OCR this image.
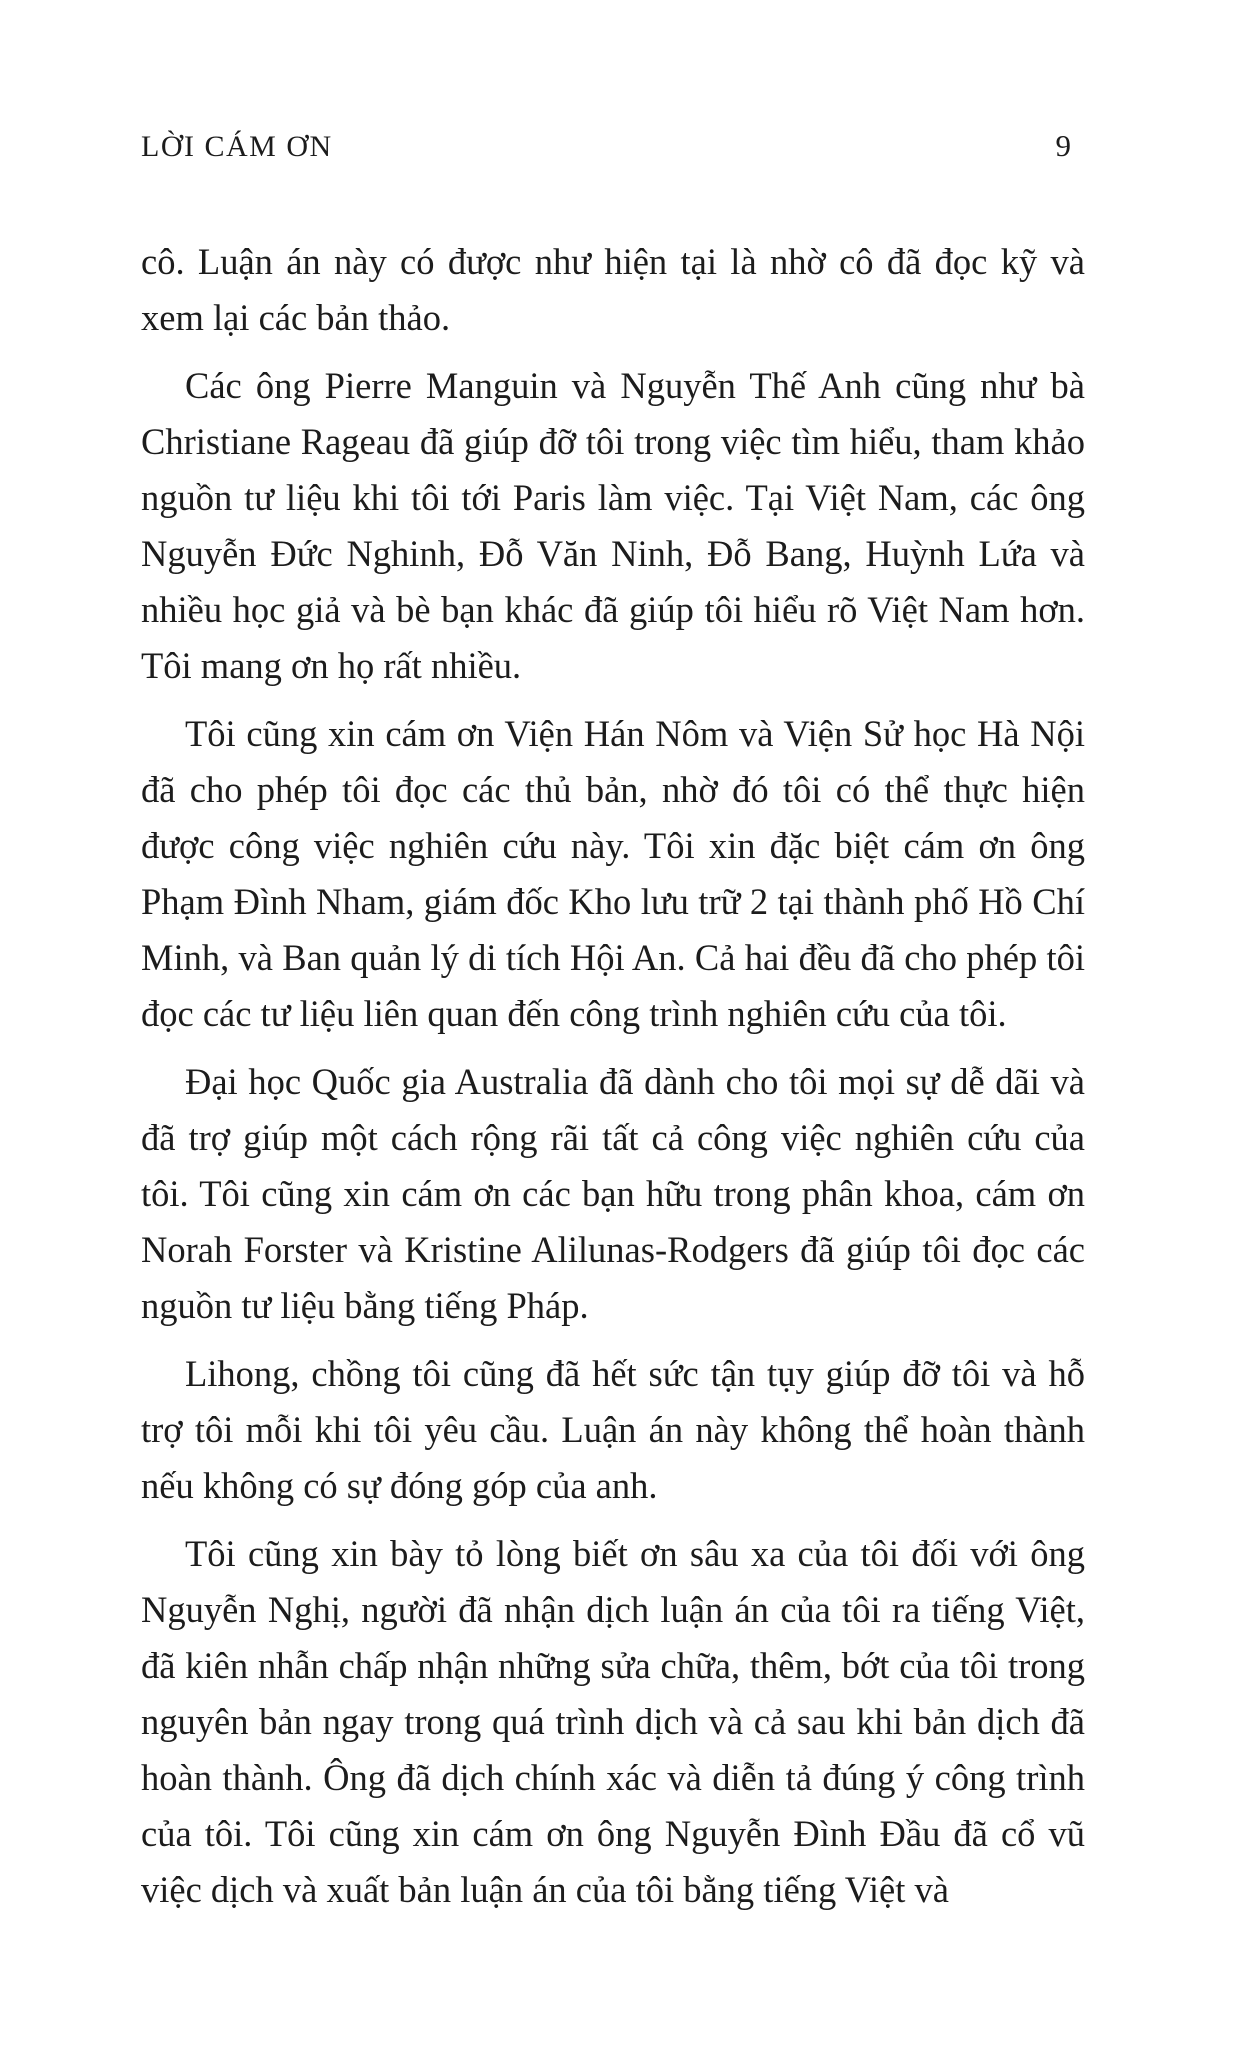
LỜI CÁM ƠN	9

cô. Luận án này có được như hiện tại là nhờ cô đã đọc kỹ và xem lại các bản thảo.

Các ông Pierre Manguin và Nguyễn Thế Anh cũng như bà Christiane Rageau đã giúp đỡ tôi trong việc tìm hiểu, tham khảo nguồn tư liệu khi tôi tới Paris làm việc. Tại Việt Nam, các ông Nguyễn Đức Nghinh, Đỗ Văn Ninh, Đỗ Bang, Huỳnh Lứa và nhiều học giả và bè bạn khác đã giúp tôi hiểu rõ Việt Nam hơn. Tôi mang ơn họ rất nhiều.

Tôi cũng xin cám ơn Viện Hán Nôm và Viện Sử học Hà Nội đã cho phép tôi đọc các thủ bản, nhờ đó tôi có thể thực hiện được công việc nghiên cứu này. Tôi xin đặc biệt cám ơn ông Phạm Đình Nham, giám đốc Kho lưu trữ 2 tại thành phố Hồ Chí Minh, và Ban quản lý di tích Hội An. Cả hai đều đã cho phép tôi đọc các tư liệu liên quan đến công trình nghiên cứu của tôi.

Đại học Quốc gia Australia đã dành cho tôi mọi sự dễ dãi và đã trợ giúp một cách rộng rãi tất cả công việc nghiên cứu của tôi. Tôi cũng xin cám ơn các bạn hữu trong phân khoa, cám ơn Norah Forster và Kristine Alilunas-Rodgers đã giúp tôi đọc các nguồn tư liệu bằng tiếng Pháp.

Lihong, chồng tôi cũng đã hết sức tận tụy giúp đỡ tôi và hỗ trợ tôi mỗi khi tôi yêu cầu. Luận án này không thể hoàn thành nếu không có sự đóng góp của anh.

Tôi cũng xin bày tỏ lòng biết ơn sâu xa của tôi đối với ông Nguyễn Nghị, người đã nhận dịch luận án của tôi ra tiếng Việt, đã kiên nhẫn chấp nhận những sửa chữa, thêm, bớt của tôi trong nguyên bản ngay trong quá trình dịch và cả sau khi bản dịch đã hoàn thành. Ông đã dịch chính xác và diễn tả đúng ý công trình của tôi. Tôi cũng xin cám ơn ông Nguyễn Đình Đầu đã cổ vũ việc dịch và xuất bản luận án của tôi bằng tiếng Việt và
